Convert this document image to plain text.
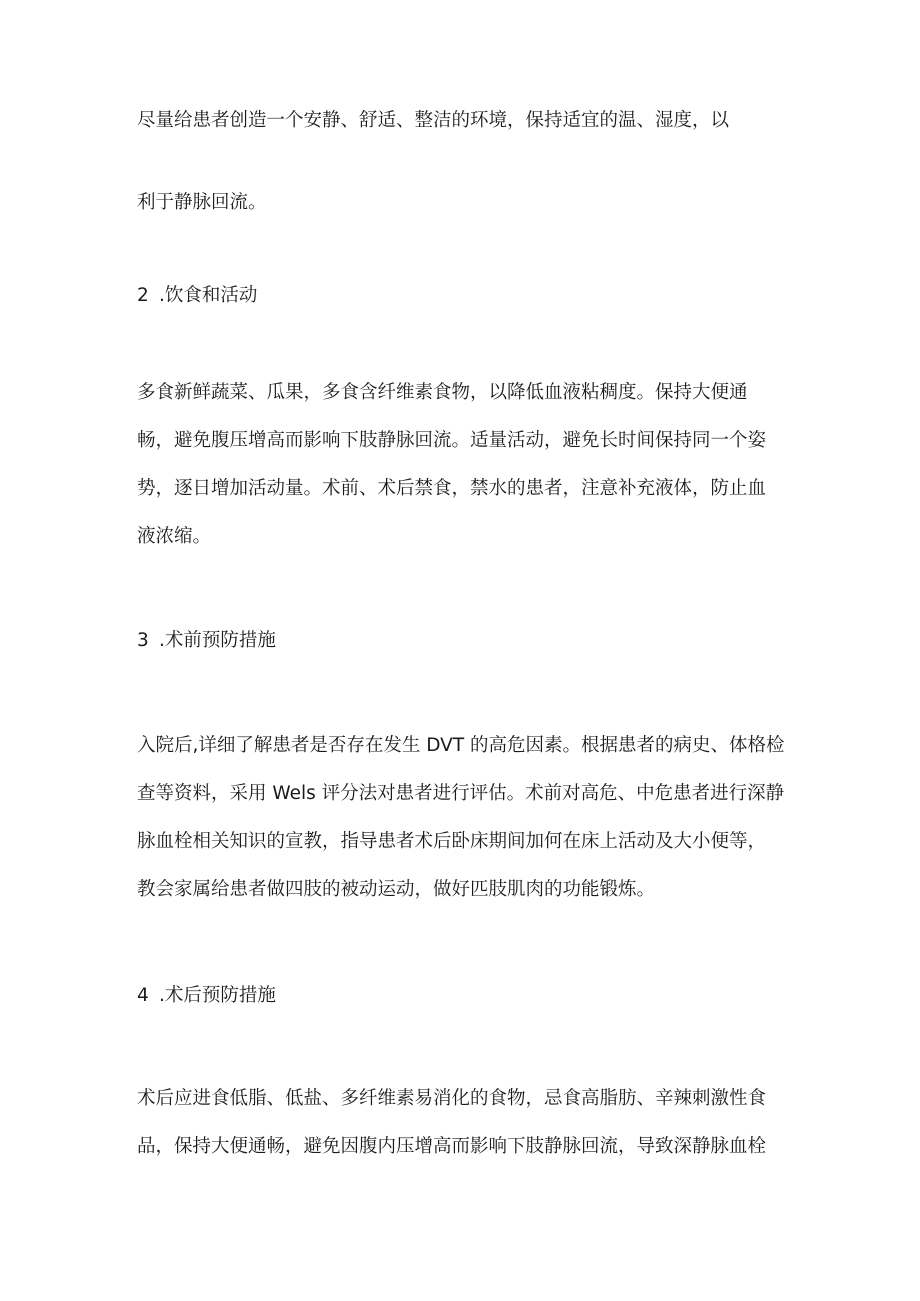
尽量给患者创造一个安静、舒适、整洁的环境，保持适宜的温、湿度，以
利于静脉回流。
2 .饮食和活动
多食新鲜蔬菜、瓜果，多食含纤维素食物，以降低血液粘稠度。保持大便通
畅，避免腹压增高而影响下肢静脉回流。适量活动，避免长时间保持同一个姿
势，逐日增加活动量。术前、术后禁食，禁水的患者，注意补充液体，防止血
液浓缩。
3 .术前预防措施
入院后,详细了解患者是否存在发生 DVT 的高危因素。根据患者的病史、体格检
查等资料，采用 Wels 评分法对患者进行评估。术前对高危、中危患者进行深静
脉血栓相关知识的宣教，指导患者术后卧床期间加何在床上活动及大小便等，
教会家属给患者做四肢的被动运动，做好匹肢肌肉的功能锻炼。
4 .术后预防措施
术后应进食低脂、低盐、多纤维素易消化的食物，忌食高脂肪、辛辣刺激性食
品，保持大便通畅，避免因腹内压增高而影响下肢静脉回流，导致深静脉血栓
